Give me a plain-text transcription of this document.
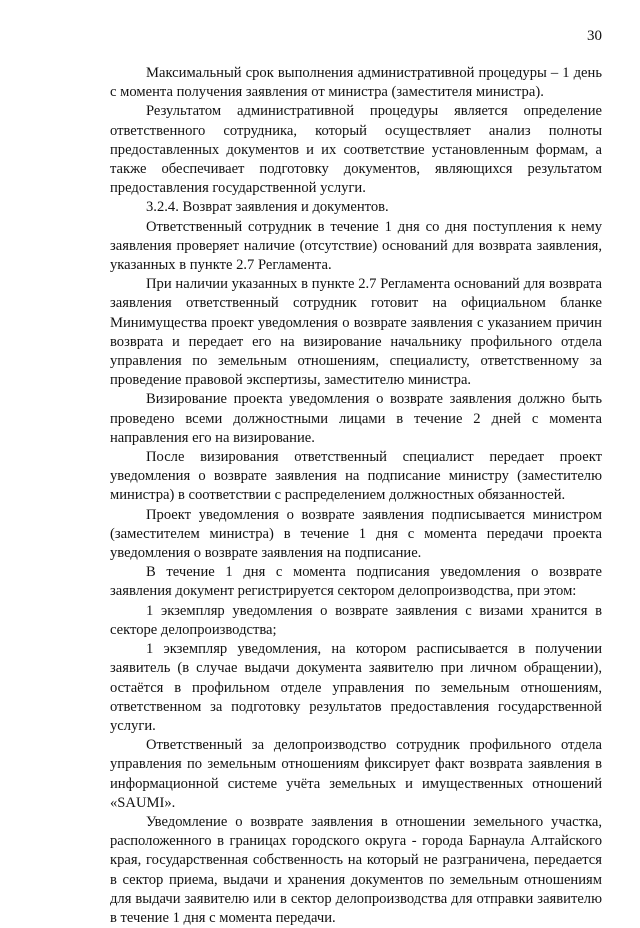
30

Максимальный срок выполнения административной процедуры – 1 день с момента получения заявления от министра (заместителя министра).

Результатом административной процедуры является определение ответственного сотрудника, который осуществляет анализ полноты предоставленных документов и их соответствие установленным формам, а также обеспечивает подготовку документов, являющихся результатом предоставления государственной услуги.

3.2.4. Возврат заявления и документов.

Ответственный сотрудник в течение 1 дня со дня поступления к нему заявления проверяет наличие (отсутствие) оснований для возврата заявления, указанных в пункте 2.7 Регламента.

При наличии указанных в пункте 2.7 Регламента оснований для возврата заявления ответственный сотрудник готовит на официальном бланке Минимущества проект уведомления о возврате заявления с указанием причин возврата и передает его на визирование начальнику профильного отдела управления по земельным отношениям, специалисту, ответственному за проведение правовой экспертизы, заместителю министра.

Визирование проекта уведомления о возврате заявления должно быть проведено всеми должностными лицами в течение 2 дней с момента направления его на визирование.

После визирования ответственный специалист передает проект уведомления о возврате заявления на подписание министру (заместителю министра) в соответствии с распределением должностных обязанностей.

Проект уведомления о возврате заявления подписывается министром (заместителем министра) в течение 1 дня с момента передачи проекта уведомления о возврате заявления на подписание.

В течение 1 дня с момента подписания уведомления о возврате заявления документ регистрируется сектором делопроизводства, при этом:

1 экземпляр уведомления о возврате заявления с визами хранится в секторе делопроизводства;

1 экземпляр уведомления, на котором расписывается в получении заявитель (в случае выдачи документа заявителю при личном обращении), остаётся в профильном отделе управления по земельным отношениям, ответственном за подготовку результатов предоставления государственной услуги.

Ответственный за делопроизводство сотрудник профильного отдела управления по земельным отношениям фиксирует факт возврата заявления в информационной системе учёта земельных и имущественных отношений «SAUMI».

Уведомление о возврате заявления в отношении земельного участка, расположенного в границах городского округа - города Барнаула Алтайского края, государственная собственность на который не разграничена, передается в сектор приема, выдачи и хранения документов по земельным отношениям для выдачи заявителю или в сектор делопроизводства для отправки заявителю в течение 1 дня с момента передачи.
